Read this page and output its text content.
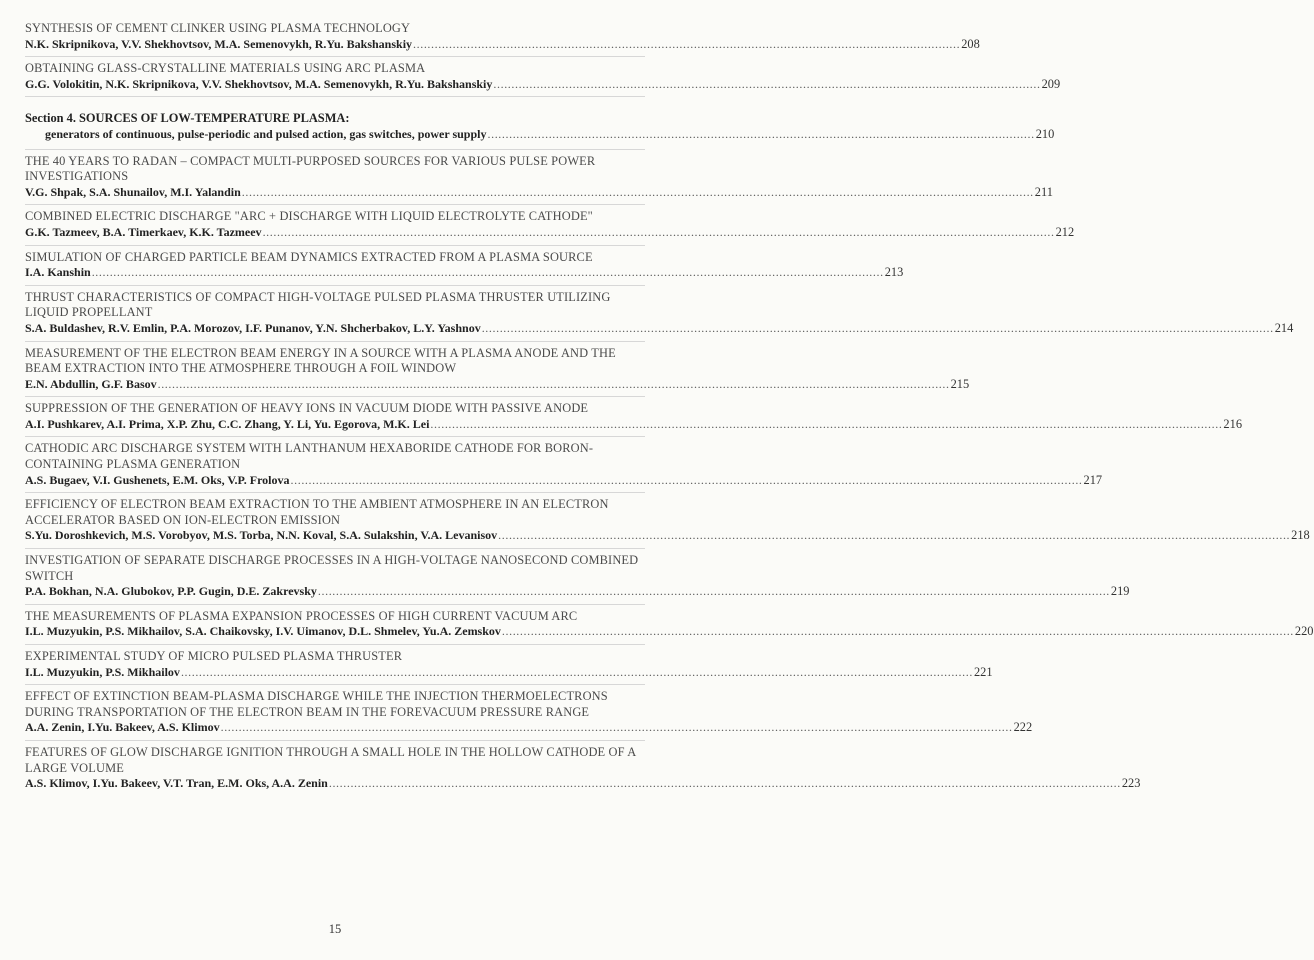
SYNTHESIS OF CEMENT CLINKER USING PLASMA TECHNOLOGY
N.K. Skripnikova, V.V. Shekhovtsov, M.A. Semenovykh, R.Yu. Bakshanskiy ........................................................................................................................................................ 208
OBTAINING GLASS-CRYSTALLINE MATERIALS USING ARC PLASMA
G.G. Volokitin, N.K. Skripnikova, V.V. Shekhovtsov, M.A. Semenovykh, R.Yu. Bakshanskiy ........................................................................................................................................................ 209
Section 4. SOURCES OF LOW-TEMPERATURE PLASMA:
generators of continuous, pulse-periodic and pulsed action, gas switches, power supply ........................................................................................................................................................ 210
THE 40 YEARS TO RADAN – COMPACT MULTI-PURPOSED SOURCES FOR VARIOUS PULSE POWER INVESTIGATIONS
V.G. Shpak, S.A. Shunailov, M.I. Yalandin ............................................................................................................................................................................................................................ 211
COMBINED ELECTRIC DISCHARGE "ARC + DISCHARGE WITH LIQUID ELECTROLYTE CATHODE"
G.K. Tazmeev, B.A. Timerkaev, K.K. Tazmeev ............................................................................................................................................................................................................................ 212
SIMULATION OF CHARGED PARTICLE BEAM DYNAMICS EXTRACTED FROM A PLASMA SOURCE
I.A. Kanshin ............................................................................................................................................................................................................................ 213
THRUST CHARACTERISTICS OF COMPACT HIGH-VOLTAGE PULSED PLASMA THRUSTER UTILIZING LIQUID PROPELLANT
S.A. Buldashev, R.V. Emlin, P.A. Morozov, I.F. Punanov, Y.N. Shcherbakov, L.Y. Yashnov ............................................................................................................................................................................................................................ 214
MEASUREMENT OF THE ELECTRON BEAM ENERGY IN A SOURCE WITH A PLASMA ANODE AND THE BEAM EXTRACTION INTO THE ATMOSPHERE THROUGH A FOIL WINDOW
E.N. Abdullin, G.F. Basov ............................................................................................................................................................................................................................ 215
SUPPRESSION OF THE GENERATION OF HEAVY IONS IN VACUUM DIODE WITH PASSIVE ANODE
A.I. Pushkarev, A.I. Prima, X.P. Zhu, C.C. Zhang, Y. Li, Yu. Egorova, M.K. Lei ............................................................................................................................................................................................................................ 216
CATHODIC ARC DISCHARGE SYSTEM WITH LANTHANUM HEXABORIDE CATHODE FOR BORON-CONTAINING PLASMA GENERATION
A.S. Bugaev, V.I. Gushenets, E.M. Oks, V.P. Frolova ............................................................................................................................................................................................................................ 217
EFFICIENCY OF ELECTRON BEAM EXTRACTION TO THE AMBIENT ATMOSPHERE IN AN ELECTRON ACCELERATOR BASED ON ION-ELECTRON EMISSION
S.Yu. Doroshkevich, M.S. Vorobyov, M.S. Torba, N.N. Koval, S.A. Sulakshin, V.A. Levanisov ............................................................................................................................................................................................................................ 218
INVESTIGATION OF SEPARATE DISCHARGE PROCESSES IN A HIGH-VOLTAGE NANOSECOND COMBINED SWITCH
P.A. Bokhan, N.A. Glubokov, P.P. Gugin, D.E. Zakrevsky ............................................................................................................................................................................................................................ 219
THE MEASUREMENTS OF PLASMA EXPANSION PROCESSES OF HIGH CURRENT VACUUM ARC
I.L. Muzyukin, P.S. Mikhailov, S.A. Chaikovsky, I.V. Uimanov, D.L. Shmelev, Yu.A. Zemskov ............................................................................................................................................................................................................................ 220
EXPERIMENTAL STUDY OF MICRO PULSED PLASMA THRUSTER
I.L. Muzyukin, P.S. Mikhailov ............................................................................................................................................................................................................................ 221
EFFECT OF EXTINCTION BEAM-PLASMA DISCHARGE WHILE THE INJECTION THERMOELECTRONS DURING TRANSPORTATION OF THE ELECTRON BEAM IN THE FOREVACUUM PRESSURE RANGE
A.A. Zenin, I.Yu. Bakeev, A.S. Klimov ............................................................................................................................................................................................................................ 222
FEATURES OF GLOW DISCHARGE IGNITION THROUGH A SMALL HOLE IN THE HOLLOW CATHODE OF A LARGE VOLUME
A.S. Klimov, I.Yu. Bakeev, V.T. Tran, E.M. Oks, A.A. Zenin ............................................................................................................................................................................................................................ 223
15
